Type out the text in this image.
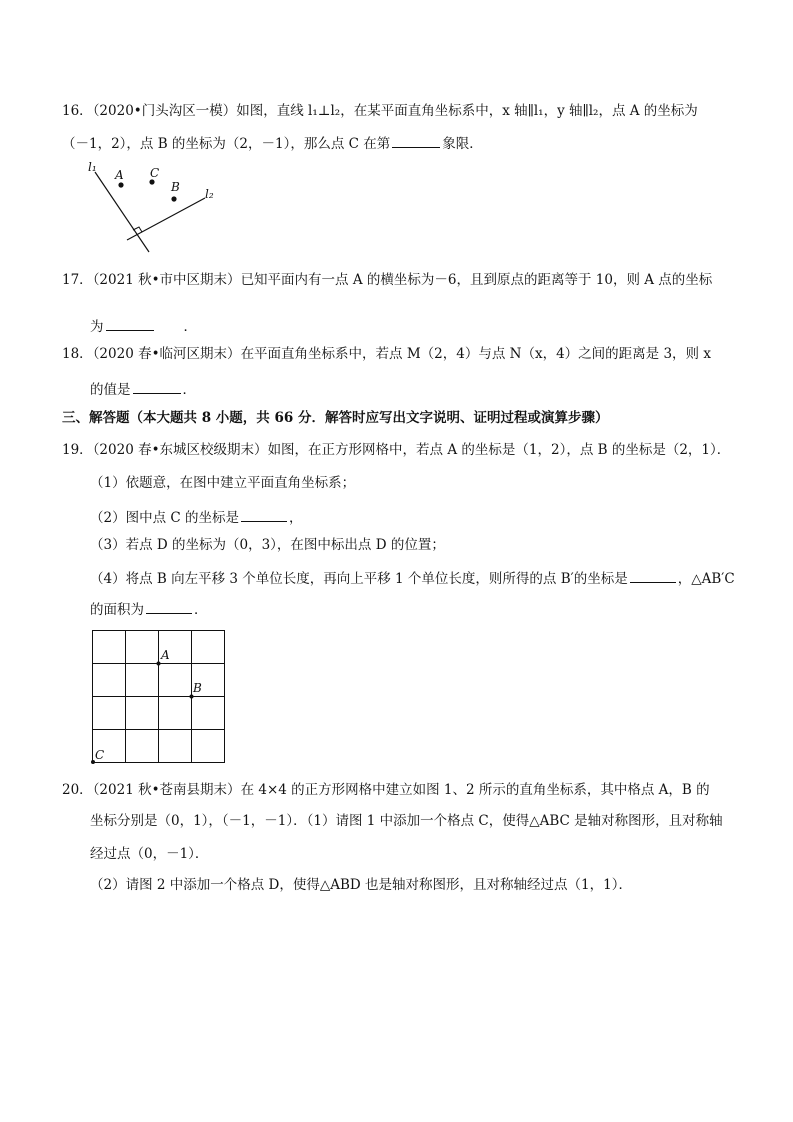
16．（2020•门头沟区一模）如图，直线 l₁⊥l₂，在某平面直角坐标系中，x 轴∥l₁，y 轴∥l₂，点 A 的坐标为
（－1，2），点 B 的坐标为（2，－1），那么点 C 在第	象限．
l₁
A C
B l₂
17．（2021 秋•市中区期末）已知平面内有一点 A 的横坐标为－6，且到原点的距离等于 10，则 A 点的坐标
为	．
18．（2020 春•临河区期末）在平面直角坐标系中，若点 M（2，4）与点 N（x，4）之间的距离是 3，则 x
的值是	．
三、解答题（本大题共 8 小题，共 66 分．解答时应写出文字说明、证明过程或演算步骤）
19．（2020 春•东城区校级期末）如图，在正方形网格中，若点 A 的坐标是（1，2），点 B 的坐标是（2，1）．
（1）依题意，在图中建立平面直角坐标系；
（2）图中点 C 的坐标是	，
（3）若点 D 的坐标为（0，3），在图中标出点 D 的位置；
（4）将点 B 向左平移 3 个单位长度，再向上平移 1 个单位长度，则所得的点 B′的坐标是	，△AB′C
的面积为	．
A
B
C
20．（2021 秋•苍南县期末）在 4×4 的正方形网格中建立如图 1、2 所示的直角坐标系，其中格点 A，B 的
坐标分别是（0，1），（－1，－1）．（1）请图 1 中添加一个格点 C，使得△ABC 是轴对称图形，且对称轴
经过点（0，－1）．
（2）请图 2 中添加一个格点 D，使得△ABD 也是轴对称图形，且对称轴经过点（1，1）．
